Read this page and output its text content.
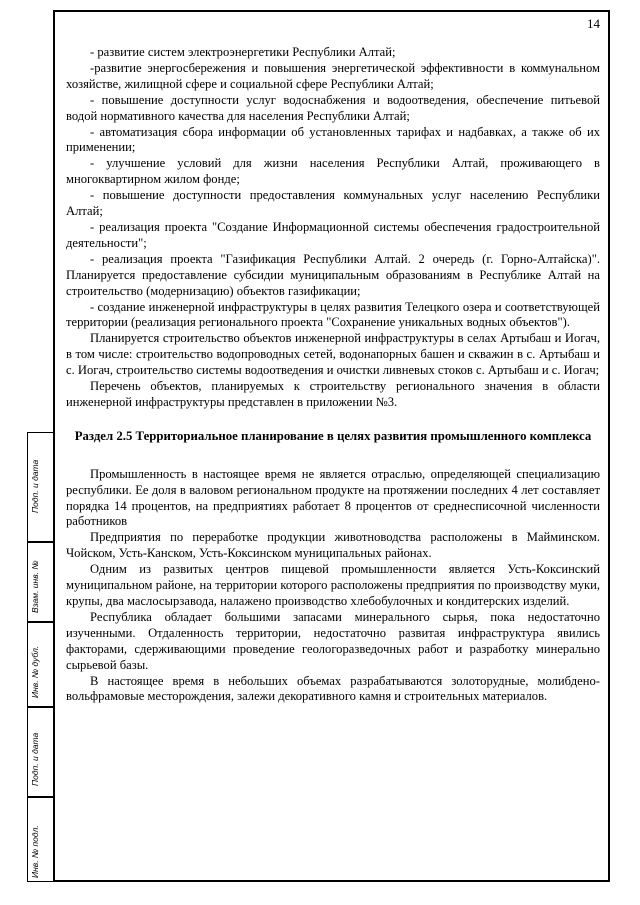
14
Подп. и дата
Взам. инв. №
Инв. № дубл.
Подп. и дата
Инв. № подл.

- развитие систем электроэнергетики Республики Алтай;

-развитие энергосбережения и повышения энергетической эффективности в коммунальном хозяйстве, жилищной сфере и социальной сфере Республики Алтай;

- повышение доступности услуг водоснабжения и водоотведения, обеспечение питьевой водой нормативного качества для населения Республики Алтай;

- автоматизация сбора информации об установленных тарифах и надбавках, а также об их применении;

- улучшение условий для жизни населения Республики Алтай, проживающего в многоквартирном жилом фонде;

- повышение доступности предоставления коммунальных услуг населению Республики Алтай;

- реализация проекта "Создание Информационной системы обеспечения градостроительной деятельности";

- реализация проекта "Газификация Республики Алтай. 2 очередь (г. Горно-Алтайска)". Планируется предоставление субсидии муниципальным образованиям в Республике Алтай на строительство (модернизацию) объектов газификации;

- создание инженерной инфраструктуры в целях развития Телецкого озера и соответствующей территории (реализация регионального проекта "Сохранение уникальных водных объектов").

Планируется строительство объектов инженерной инфраструктуры в селах Артыбаш и Иогач, в том числе: строительство водопроводных сетей, водонапорных башен и скважин в с. Артыбаш и с. Иогач, строительство системы водоотведения и очистки ливневых стоков с. Артыбаш и с. Иогач;

Перечень объектов, планируемых к строительству регионального значения в области инженерной инфраструктуры представлен в приложении №3.

Раздел 2.5 Территориальное планирование в целях развития промышленного комплекса

Промышленность в настоящее время не является отраслью, определяющей специализацию республики. Ее доля в валовом региональном продукте на протяжении последних 4 лет составляет порядка 14 процентов, на предприятиях работает 8 процентов от среднесписочной численности работников

Предприятия по переработке продукции животноводства расположены в Майминском. Чойском, Усть-Канском, Усть-Коксинском муниципальных районах.

Одним из развитых центров пищевой промышленности является Усть-Коксинский муниципальном районе, на территории которого расположены предприятия по производству муки, крупы, два маслосырзавода, налажено производство хлебобулочных и кондитерских изделий.

Республика обладает большими запасами минерального сырья, пока недостаточно изученными. Отдаленность территории, недостаточно развитая инфраструктура явились факторами, сдерживающими проведение геологоразведочных работ и разработку минерально сырьевой базы.

В настоящее время в небольших объемах разрабатываются золоторудные, молибдено-вольфрамовые месторождения, залежи декоративного камня и строительных материалов.
